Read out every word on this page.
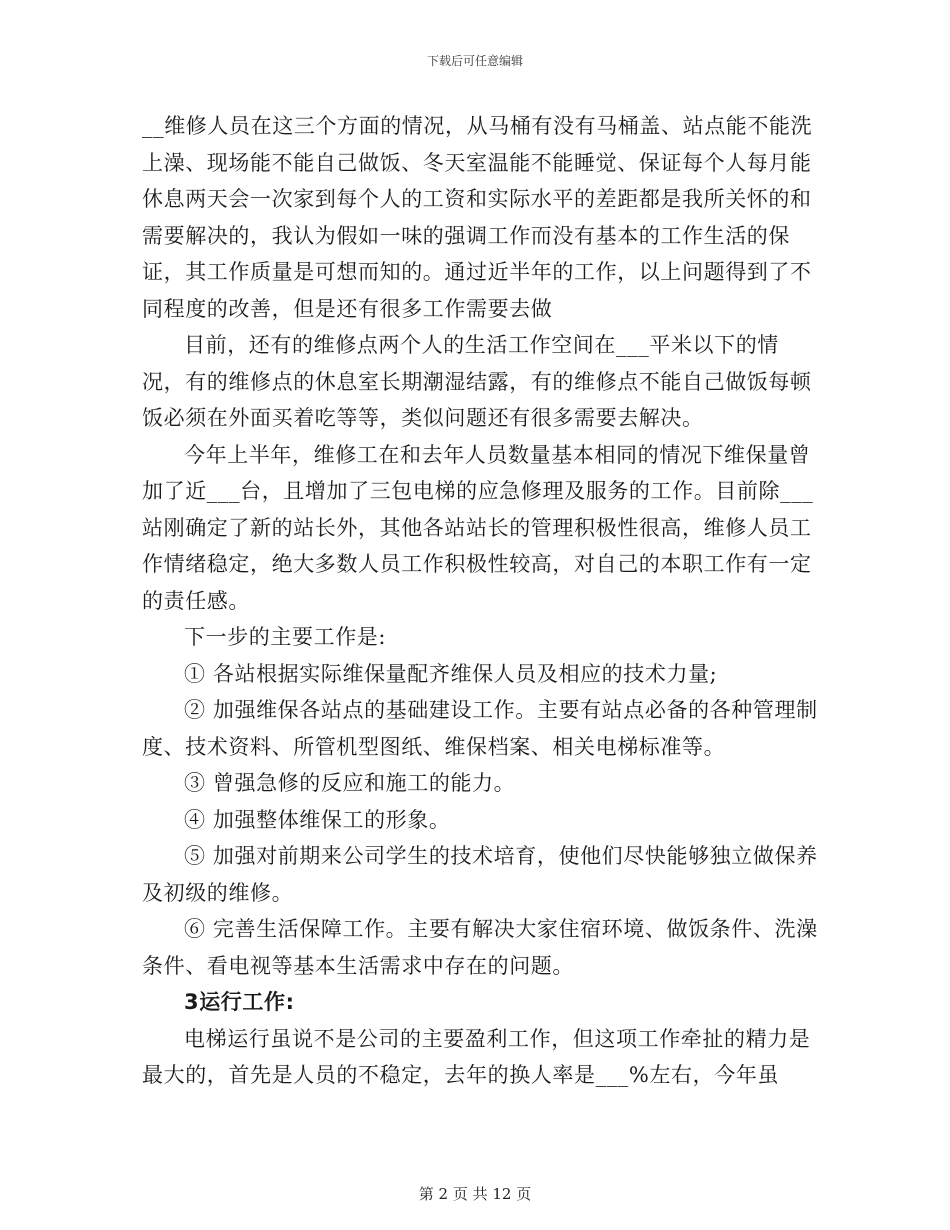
下载后可任意编辑

__维修人员在这三个方面的情况，从马桶有没有马桶盖、站点能不能洗上澡、现场能不能自己做饭、冬天室温能不能睡觉、保证每个人每月能休息两天会一次家到每个人的工资和实际水平的差距都是我所关怀的和需要解决的，我认为假如一味的强调工作而没有基本的工作生活的保证，其工作质量是可想而知的。通过近半年的工作，以上问题得到了不同程度的改善，但是还有很多工作需要去做

目前，还有的维修点两个人的生活工作空间在___平米以下的情况，有的维修点的休息室长期潮湿结露，有的维修点不能自己做饭每顿饭必须在外面买着吃等等，类似问题还有很多需要去解决。

今年上半年，维修工在和去年人员数量基本相同的情况下维保量曾加了近___台，且增加了三包电梯的应急修理及服务的工作。目前除___站刚确定了新的站长外，其他各站站长的管理积极性很高，维修人员工作情绪稳定，绝大多数人员工作积极性较高，对自己的本职工作有一定的责任感。

下一步的主要工作是:

① 各站根据实际维保量配齐维保人员及相应的技术力量;

② 加强维保各站点的基础建设工作。主要有站点必备的各种管理制度、技术资料、所管机型图纸、维保档案、相关电梯标准等。

③ 曾强急修的反应和施工的能力。

④ 加强整体维保工的形象。

⑤ 加强对前期来公司学生的技术培育，使他们尽快能够独立做保养及初级的维修。

⑥ 完善生活保障工作。主要有解决大家住宿环境、做饭条件、洗澡条件、看电视等基本生活需求中存在的问题。

3运行工作:

电梯运行虽说不是公司的主要盈利工作，但这项工作牵扯的精力是最大的，首先是人员的不稳定，去年的换人率是___%左右，今年虽

第 2 页 共 12 页
